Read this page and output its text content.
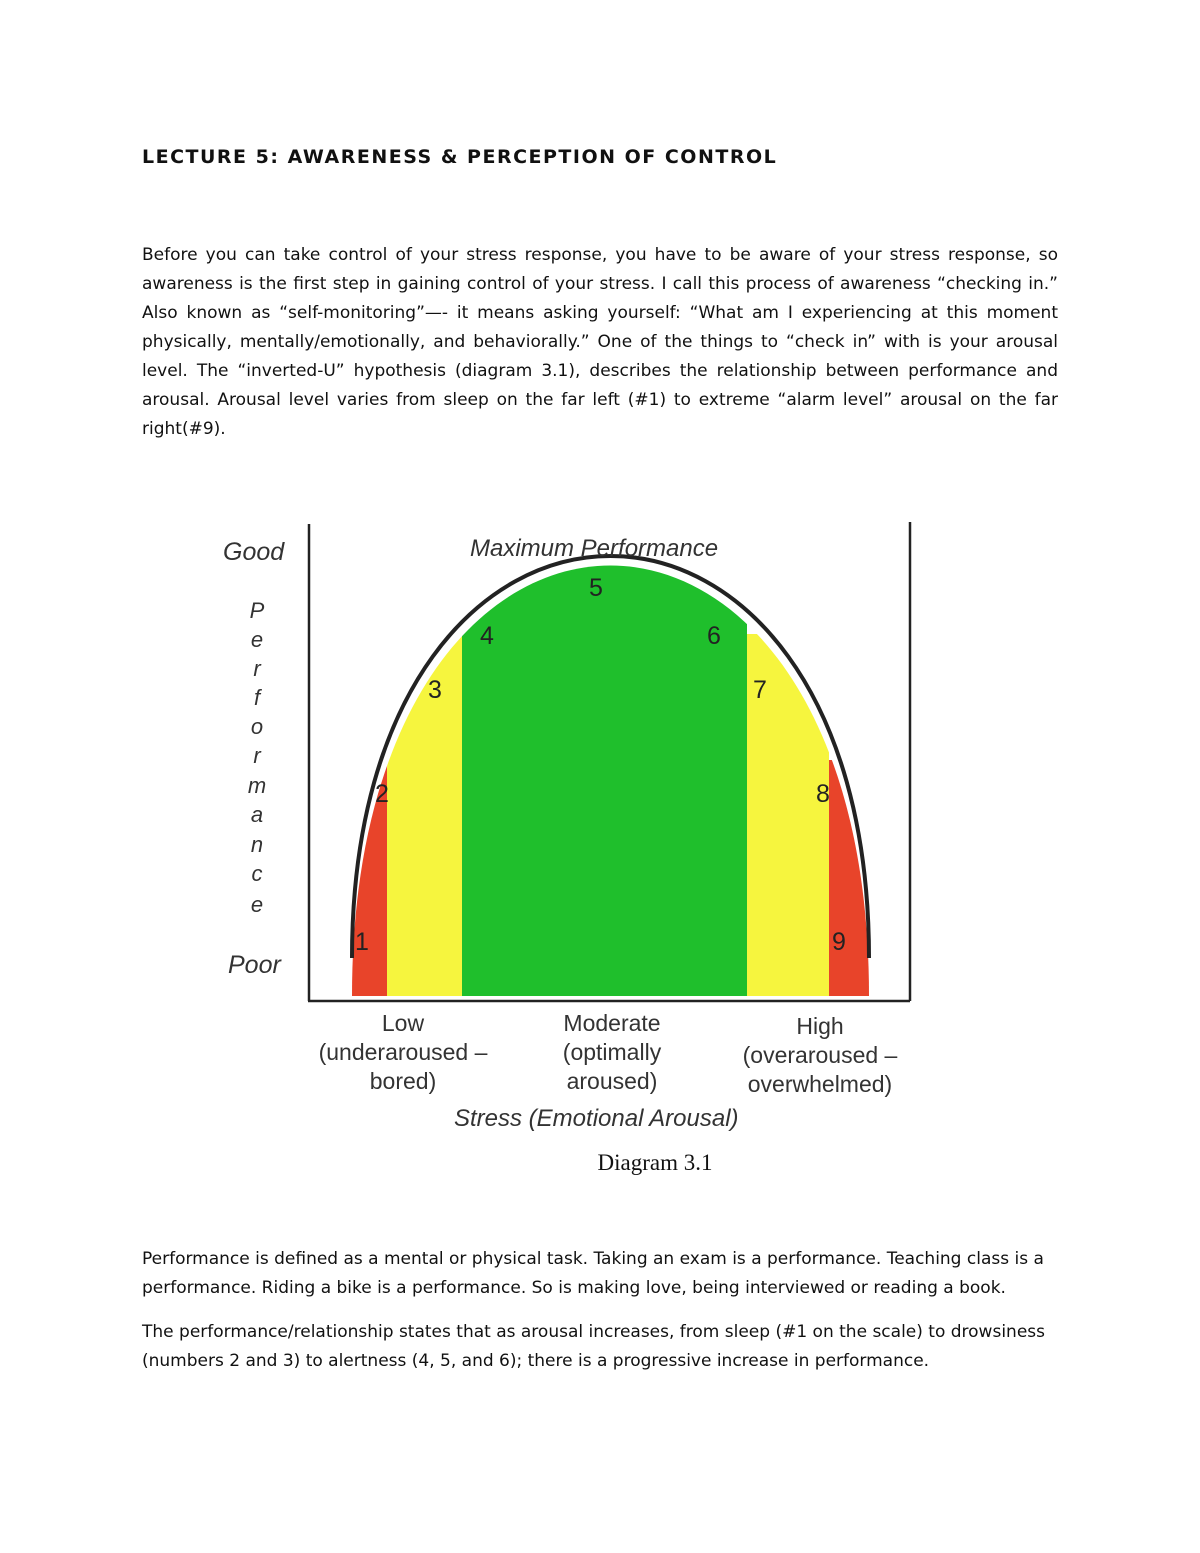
LECTURE 5: AWARENESS & PERCEPTION OF CONTROL

Before you can take control of your stress response, you have to be aware of your stress response, so awareness is the first step in gaining control of your stress. I call this process of awareness “checking in.” Also known as “self-monitoring”—- it means asking yourself: “What am I experiencing at this moment physically, mentally/emotionally, and behaviorally.” One of the things to “check in” with is your arousal level. The “inverted-U” hypothesis (diagram 3.1), describes the relationship between performance and arousal. Arousal level varies from sleep on the far left (#1) to extreme “alarm level” arousal on the far right(#9).

Good
Poor
P
e
r
f
o
r
m
a
n
c
e
Maximum Performance
1
2
3
4
5
6
7
8
9
Low
(underaroused –
bored)
Moderate
(optimally
aroused)
High
(overaroused –
overwhelmed)
Stress (Emotional Arousal)

Diagram 3.1

Performance is defined as a mental or physical task. Taking an exam is a performance. Teaching class is a performance. Riding a bike is a performance. So is making love, being interviewed or reading a book.

The performance/relationship states that as arousal increases, from sleep (#1 on the scale) to drowsiness (numbers 2 and 3) to alertness (4, 5, and 6); there is a progressive increase in performance.
